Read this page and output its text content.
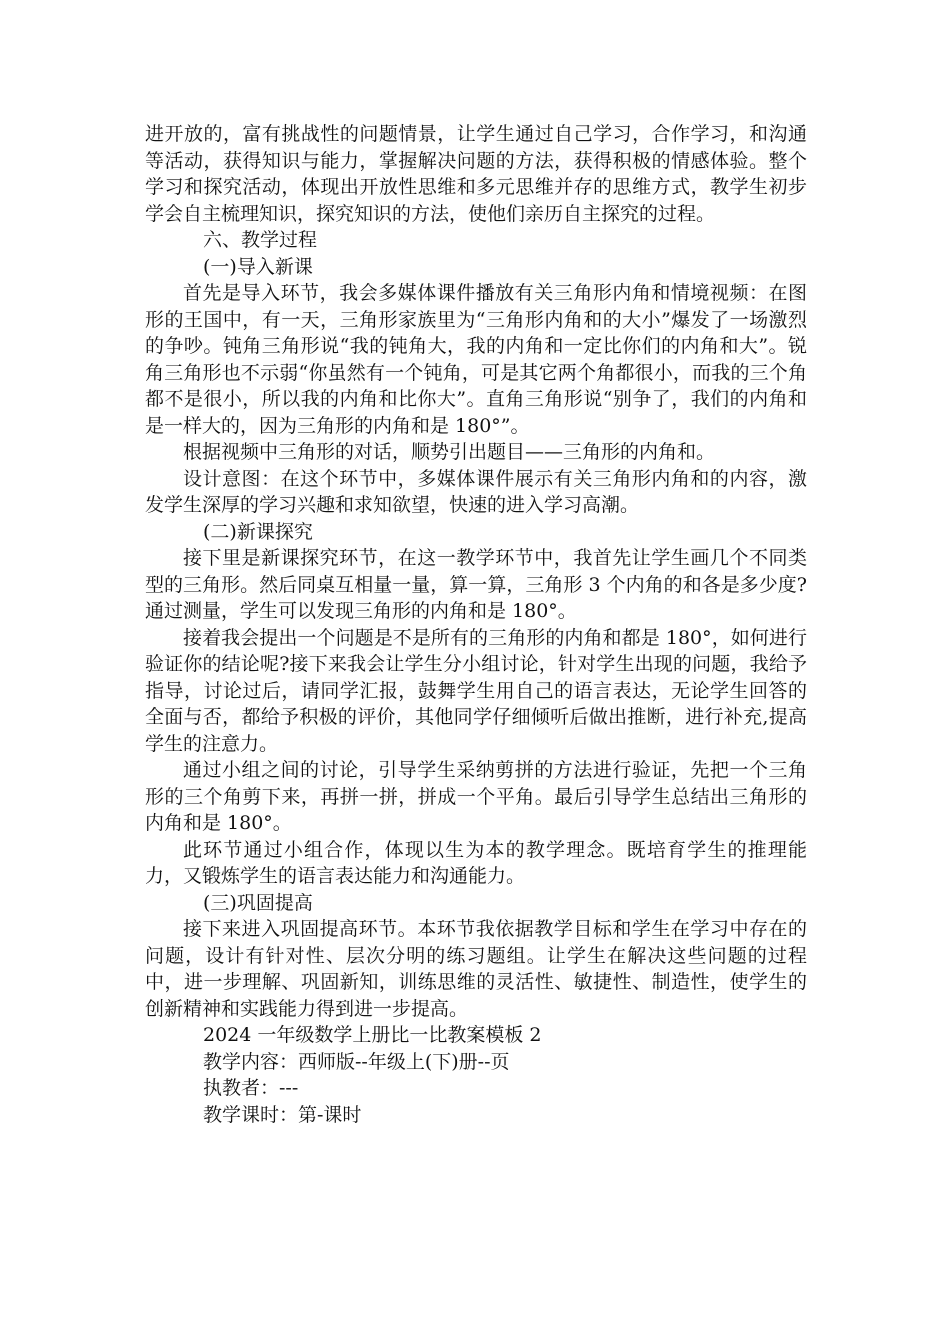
进开放的，富有挑战性的问题情景，让学生通过自己学习，合作学习，和沟通等活动，获得知识与能力，掌握解决问题的方法，获得积极的情感体验。整个学习和探究活动，体现出开放性思维和多元思维并存的思维方式，教学生初步学会自主梳理知识，探究知识的方法，使他们亲历自主探究的过程。

六、教学过程

(一)导入新课

首先是导入环节，我会多媒体课件播放有关三角形内角和情境视频：在图形的王国中，有一天，三角形家族里为“三角形内角和的大小”爆发了一场激烈的争吵。钝角三角形说“我的钝角大，我的内角和一定比你们的内角和大”。锐角三角形也不示弱“你虽然有一个钝角，可是其它两个角都很小，而我的三个角都不是很小，所以我的内角和比你大”。直角三角形说“别争了，我们的内角和是一样大的，因为三角形的内角和是 180°”。

根据视频中三角形的对话，顺势引出题目——三角形的内角和。

设计意图：在这个环节中，多媒体课件展示有关三角形内角和的内容，激发学生深厚的学习兴趣和求知欲望，快速的进入学习高潮。

(二)新课探究

接下里是新课探究环节，在这一教学环节中，我首先让学生画几个不同类型的三角形。然后同桌互相量一量，算一算，三角形 3 个内角的和各是多少度?通过测量，学生可以发现三角形的内角和是 180°。

接着我会提出一个问题是不是所有的三角形的内角和都是 180°，如何进行验证你的结论呢?接下来我会让学生分小组讨论，针对学生出现的问题，我给予指导，讨论过后，请同学汇报，鼓舞学生用自己的语言表达，无论学生回答的全面与否，都给予积极的评价，其他同学仔细倾听后做出推断，进行补充,提高学生的注意力。

通过小组之间的讨论，引导学生采纳剪拼的方法进行验证，先把一个三角形的三个角剪下来，再拼一拼，拼成一个平角。最后引导学生总结出三角形的内角和是 180°。

此环节通过小组合作，体现以生为本的教学理念。既培育学生的推理能力，又锻炼学生的语言表达能力和沟通能力。

(三)巩固提高

接下来进入巩固提高环节。本环节我依据教学目标和学生在学习中存在的问题，设计有针对性、层次分明的练习题组。让学生在解决这些问题的过程中，进一步理解、巩固新知，训练思维的灵活性、敏捷性、制造性，使学生的创新精神和实践能力得到进一步提高。

2024 一年级数学上册比一比教案模板 2

教学内容：西师版--年级上(下)册--页

执教者：---

教学课时：第-课时
